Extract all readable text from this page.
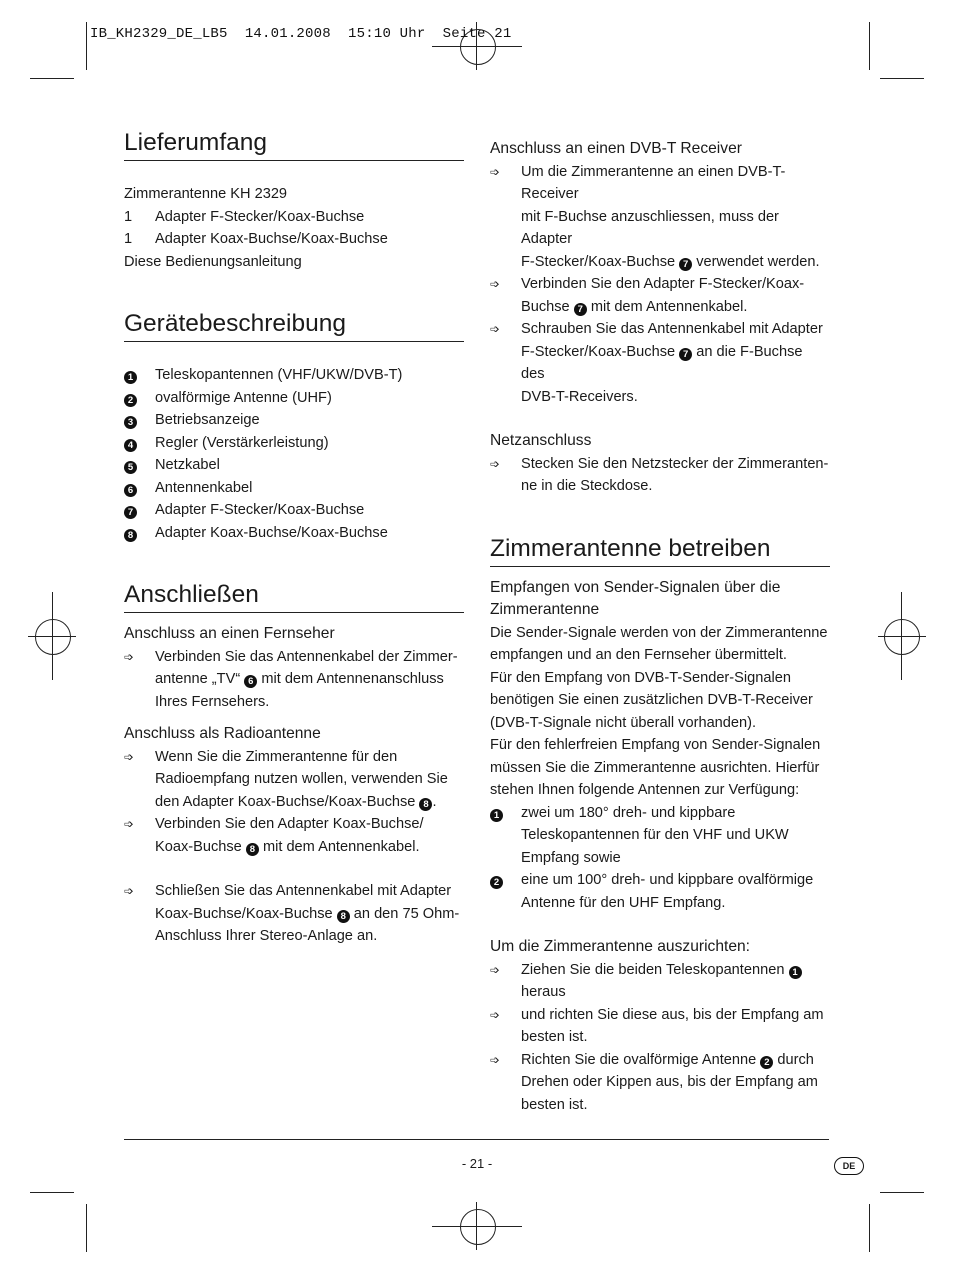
IB_KH2329_DE_LB5  14.01.2008  15:10 Uhr  Seite 21
Lieferumfang

Zimmerantenne KH 2329

1	Adapter F-Stecker/Koax-Buchse
1	Adapter Koax-Buchse/Koax-Buchse

Diese Bedienungsanleitung

Gerätebeschreibung
1	Teleskopantennen (VHF/UKW/DVB-T)
2	ovalförmige Antenne (UHF)
3	Betriebsanzeige
4	Regler (Verstärkerleistung)
5	Netzkabel
6	Antennenkabel
7	Adapter F-Stecker/Koax-Buchse
8	Adapter Koax-Buchse/Koax-Buchse
Anschließen
Anschluss an einen Fernseher
➩
Verbinden Sie das Antennenkabel der Zimmer-
antenne „TV“ 6 mit dem Antennenanschluss
Ihres Fernsehers.
Anschluss als Radioantenne
➩
Wenn Sie die Zimmerantenne für den
Radioempfang nutzen wollen, verwenden Sie
den Adapter Koax-Buchse/Koax-Buchse 8 .
➩
Verbinden Sie den Adapter Koax-Buchse/
Koax-Buchse 8 mit dem Antennenkabel.
➩
Schließen Sie das Antennenkabel mit Adapter
Koax-Buchse/Koax-Buchse 8 an den 75 Ohm-
Anschluss Ihrer Stereo-Anlage an.
Anschluss an einen DVB-T Receiver
➩
Um die Zimmerantenne an einen DVB-T-Receiver
mit F-Buchse anzuschliessen, muss der Adapter
F-Stecker/Koax-Buchse 7 verwendet werden.
➩
Verbinden Sie den Adapter F-Stecker/Koax-
Buchse 7 mit dem Antennenkabel.
➩
Schrauben Sie das Antennenkabel mit Adapter
F-Stecker/Koax-Buchse 7 an die F-Buchse des
DVB-T-Receivers.
Netzanschluss
➩
Stecken Sie den Netzstecker der Zimmeranten-
ne in die Steckdose.
Zimmerantenne betreiben
Empfangen von Sender-Signalen über die Zimmerantenne

Die Sender-Signale werden von der Zimmerantenne empfangen und an den Fernseher übermittelt.

Für den Empfang von DVB-T-Sender-Signalen benötigen Sie einen zusätzlichen DVB-T-Receiver (DVB-T-Signale nicht überall vorhanden).

Für den fehlerfreien Empfang von Sender-Signalen müssen Sie die Zimmerantenne ausrichten. Hierfür stehen Ihnen folgende Antennen zur Verfügung:

1	zwei um 180° dreh- und kippbare Teleskopantennen für den VHF und UKW Empfang sowie
2	eine um 100° dreh- und kippbare ovalförmige Antenne für den UHF Empfang.
Um die Zimmerantenne auszurichten:
➩
Ziehen Sie die beiden Teleskopantennen 1
heraus
➩
und richten Sie diese aus, bis der Empfang am besten ist.
➩
Richten Sie die ovalförmige Antenne 2 durch Drehen oder Kippen aus, bis der Empfang am besten ist.
- 21 -	DE
